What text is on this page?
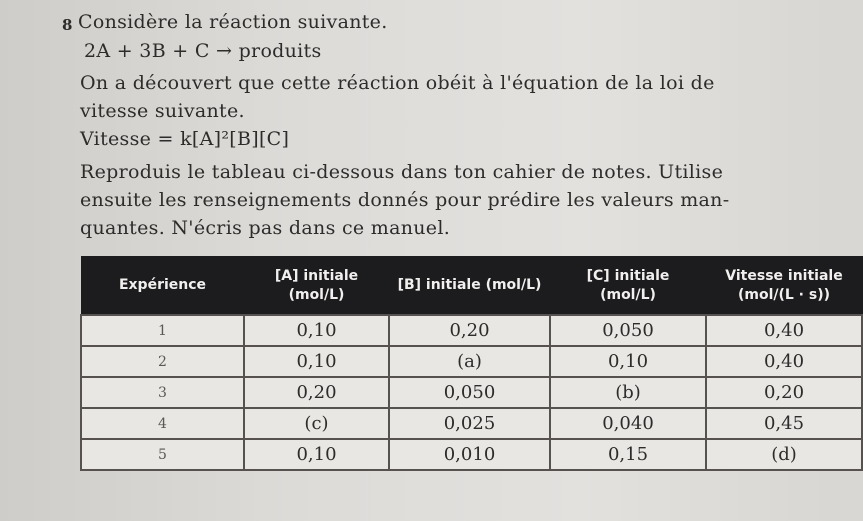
8 Considère la réaction suivante.
2A + 3B + C → produits
On a découvert que cette réaction obéit à l'équation de la loi de
vitesse suivante.
Vitesse = k[A]²[B][C]
Reproduis le tableau ci-dessous dans ton cahier de notes. Utilise
ensuite les renseignements donnés pour prédire les valeurs man-
quantes. N'écris pas dans ce manuel.
Expérience	[A] initiale (mol/L)	[B] initiale (mol/L)	[C] initiale (mol/L)	Vitesse initiale (mol/(L · s))
1	0,10	0,20	0,050	0,40
2	0,10	(a)	0,10	0,40
3	0,20	0,050	(b)	0,20
4	(c)	0,025	0,040	0,45
5	0,10	0,010	0,15	(d)
